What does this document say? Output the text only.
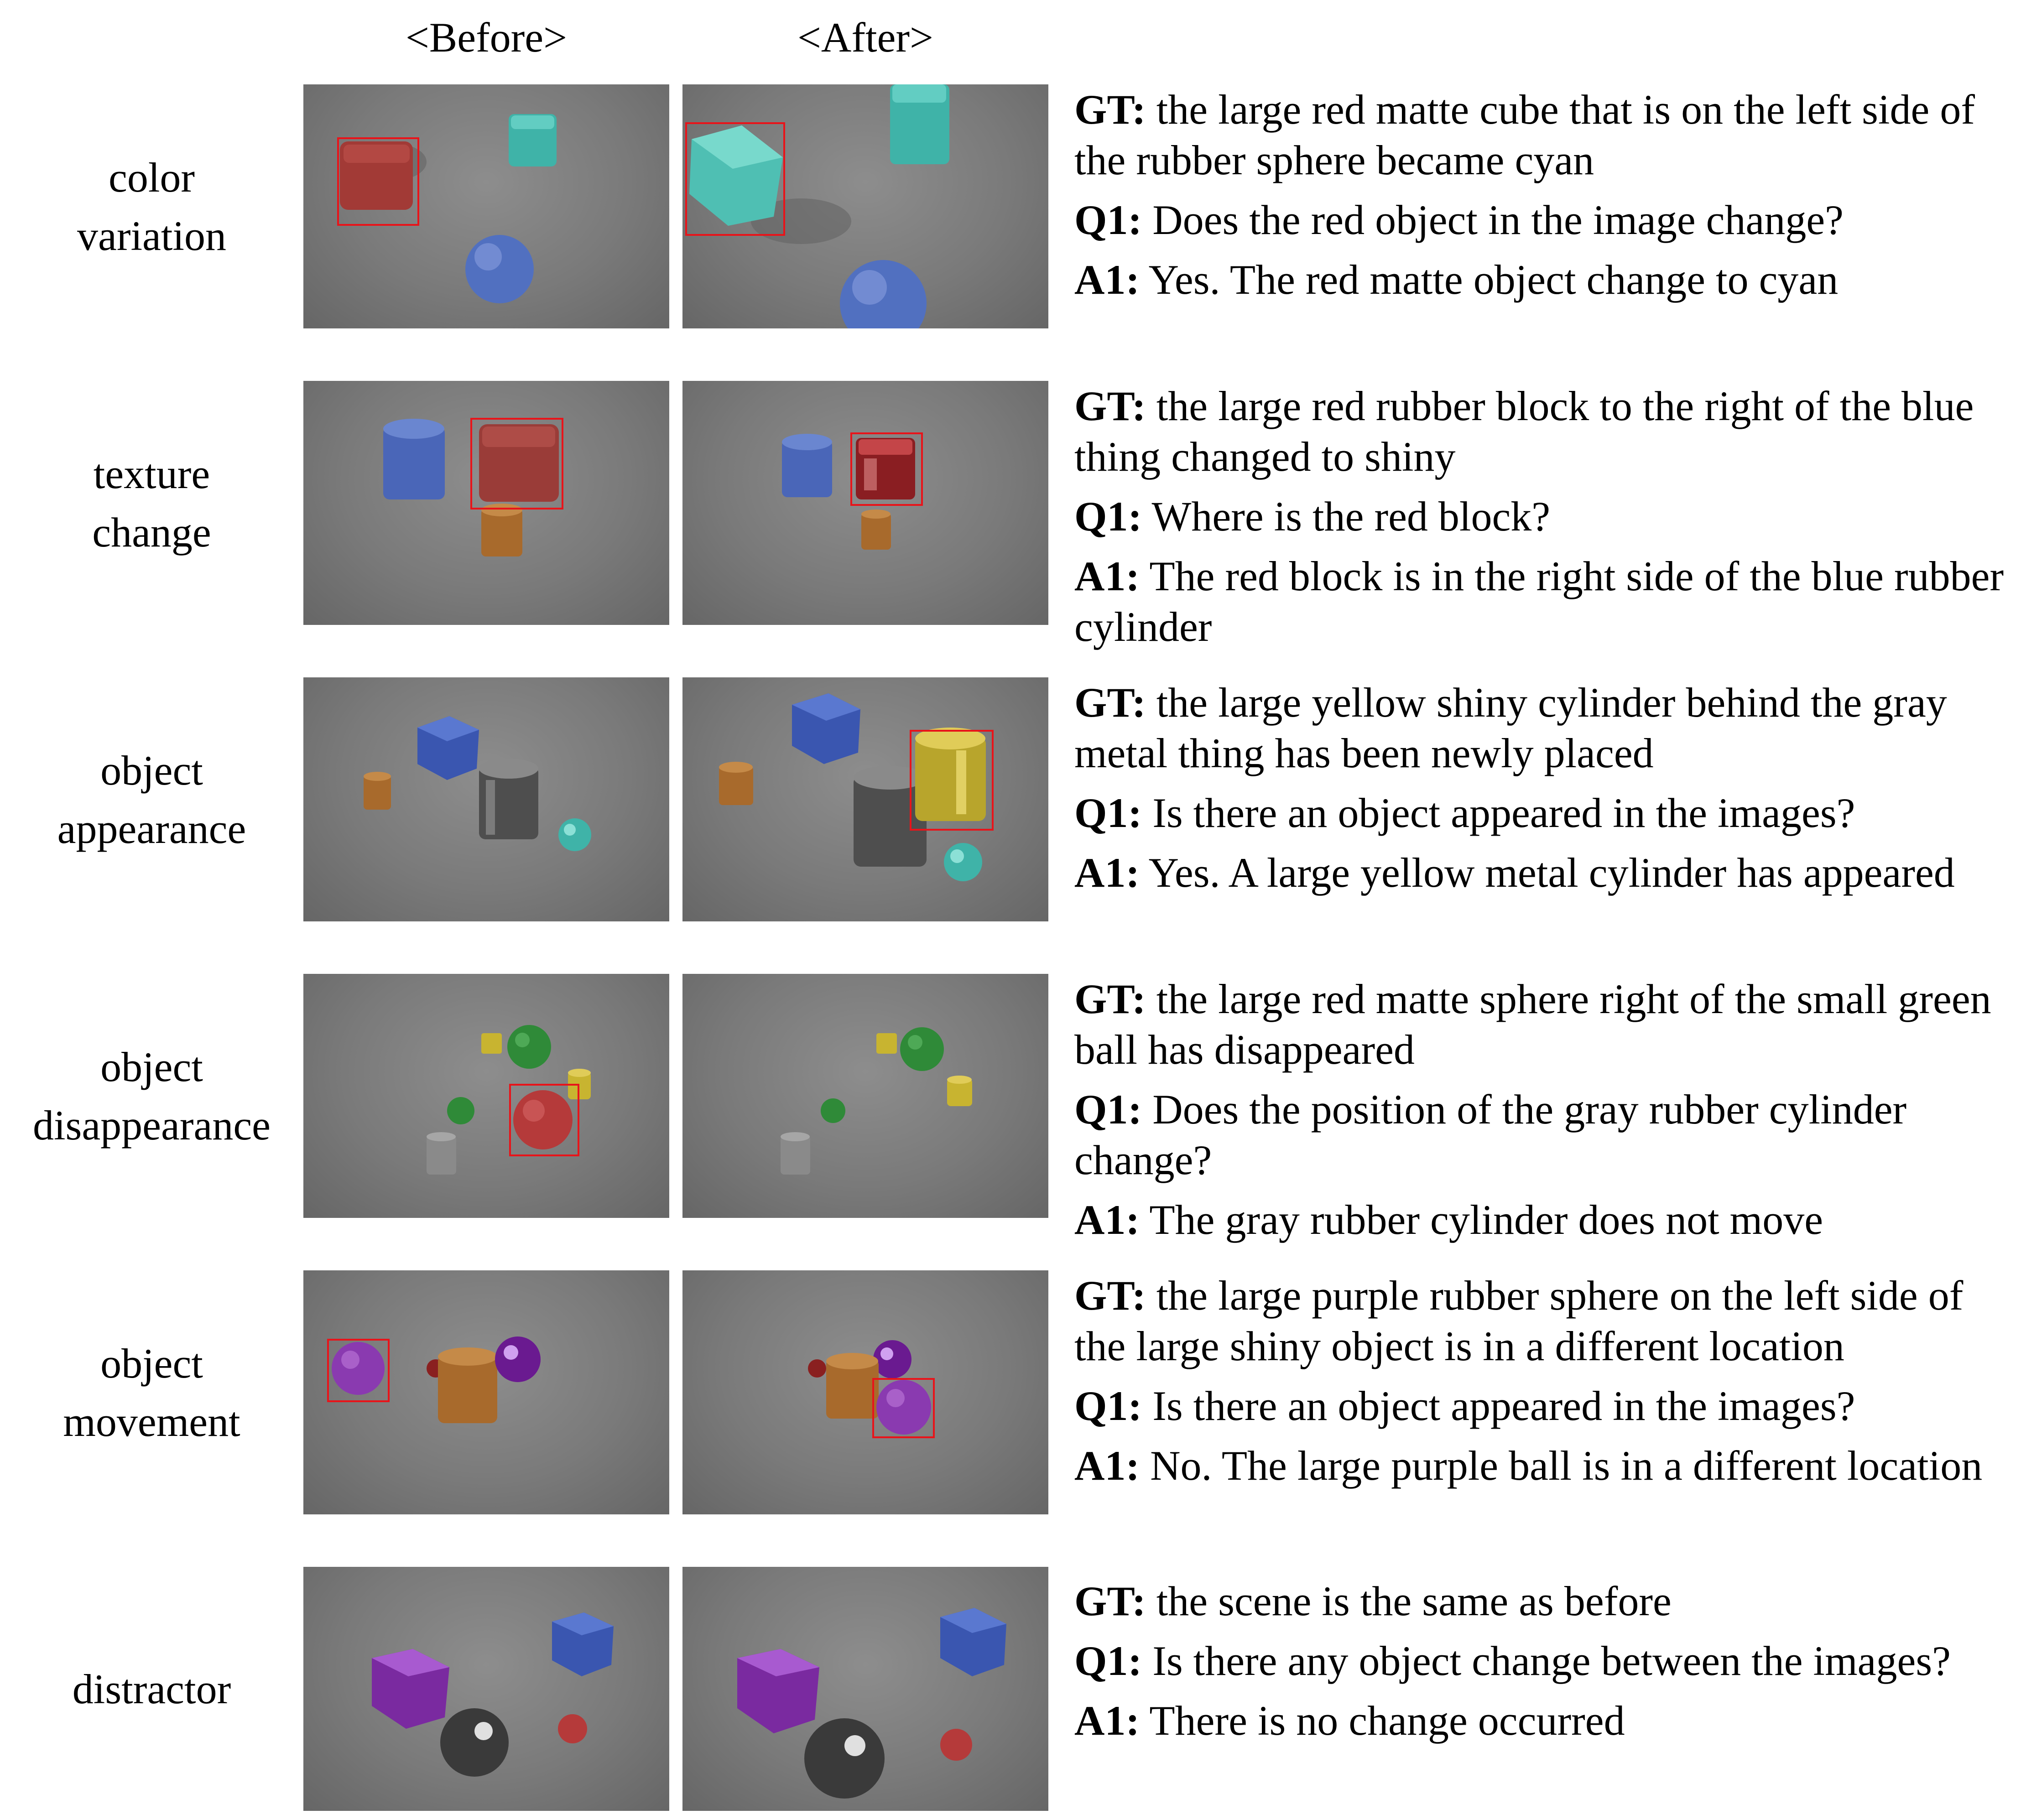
<Before>	<After>
color
variation

GT: the large red matte cube that is on the left side of the rubber sphere became cyan

Q1: Does the red object in the image change?

A1: Yes. The red matte object change to cyan

texture
change

GT: the large red rubber block to the right of the blue thing changed to shiny

Q1: Where is the red block?

A1: The red block is in the right side of the blue rubber cylinder

object
appearance

GT: the large yellow shiny cylinder behind the gray metal thing has been newly placed

Q1: Is there an object appeared in the images?

A1: Yes. A large yellow metal cylinder has appeared

object
disappearance

GT: the large red matte sphere right of the small green ball has disappeared

Q1: Does the position of the gray rubber cylinder change?

A1: The gray rubber cylinder does not move

object
movement

GT: the large purple rubber sphere on the left side of the large shiny object is in a different location

Q1: Is there an object appeared in the images?

A1: No. The large purple ball is in a different location

distractor

GT: the scene is the same as before

Q1: Is there any object change between the images?

A1: There is no change occurred
